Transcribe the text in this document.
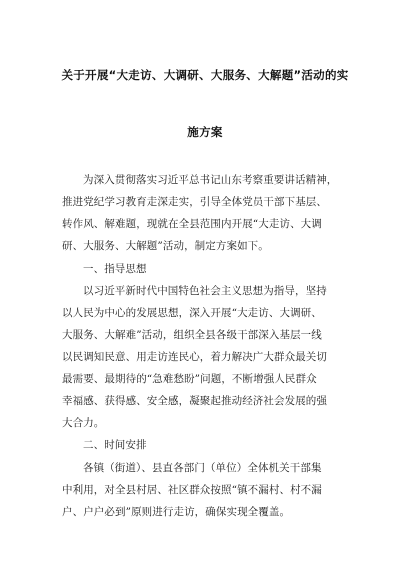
关于开展“大走访、大调研、大服务、大解题”活动的实
施方案
为深入贯彻落实习近平总书记山东考察重要讲话精神，
推进党纪学习教育走深走实，引导全体党员干部下基层、
转作风、解难题，现就在全县范围内开展“大走访、大调
研、大服务、大解题”活动，制定方案如下。
一、指导思想
以习近平新时代中国特色社会主义思想为指导，坚持
以人民为中心的发展思想，深入开展“大走访、大调研、
大服务、大解难”活动，组织全县各级干部深入基层一线
以民调知民意、用走访连民心，着力解决广大群众最关切
最需要、最期待的“急难愁盼”问题，不断增强人民群众
幸福感、获得感、安全感，凝聚起推动经济社会发展的强
大合力。
二、时间安排
各镇（街道）、县直各部门（单位）全体机关干部集
中利用，对全县村居、社区群众按照“镇不漏村、村不漏
户、户户必到”原则进行走访，确保实现全覆盖。
